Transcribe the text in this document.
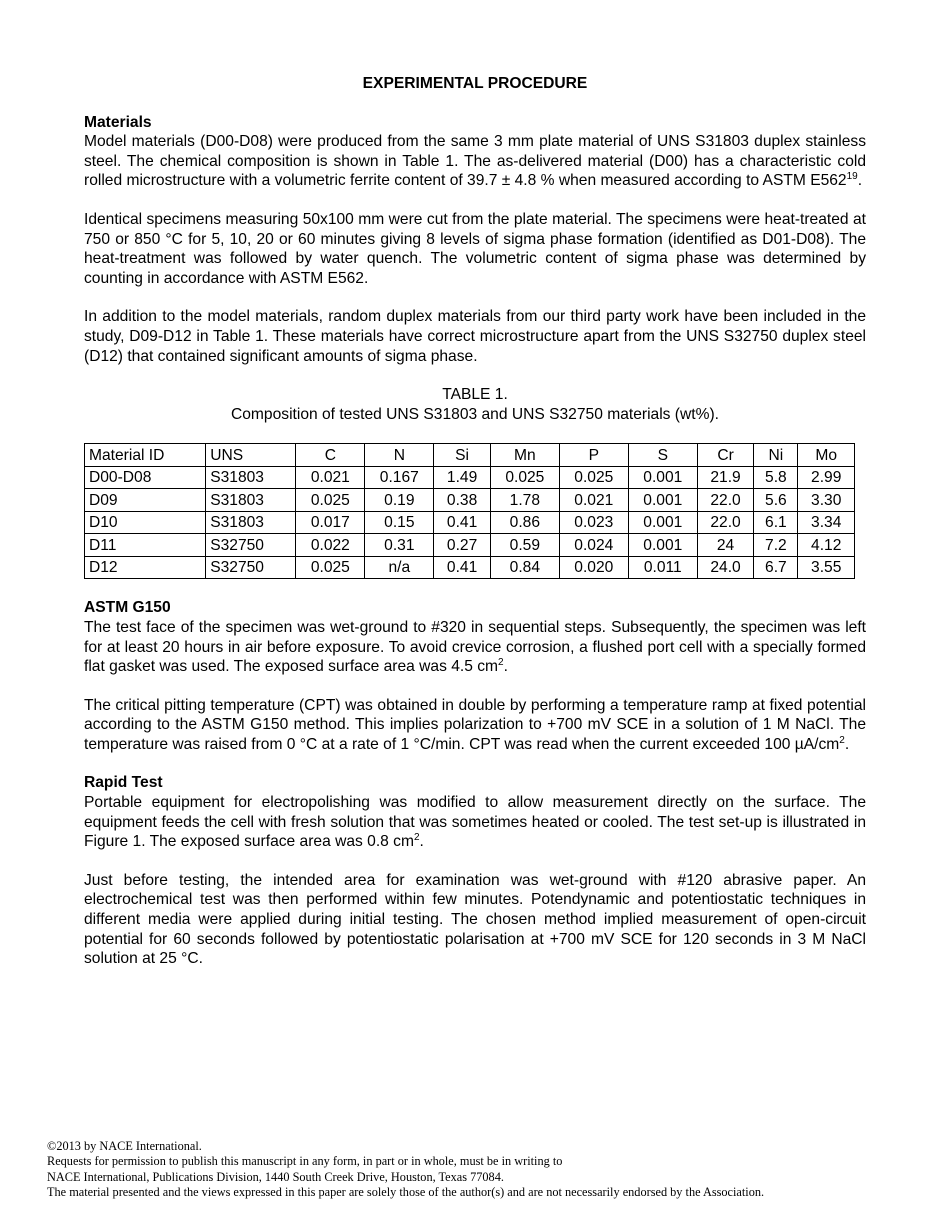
EXPERIMENTAL PROCEDURE
Materials

Model materials (D00-D08) were produced from the same 3 mm plate material of UNS S31803 duplex stainless steel. The chemical composition is shown in Table 1. The as-delivered material (D00) has a characteristic cold rolled microstructure with a volumetric ferrite content of 39.7 ± 4.8 % when measured according to ASTM $E562^{19}$.

Identical specimens measuring 50x100 mm were cut from the plate material. The specimens were heat-treated at 750 or 850 °C for 5, 10, 20 or 60 minutes giving 8 levels of sigma phase formation (identified as D01-D08). The heat-treatment was followed by water quench. The volumetric content of sigma phase was determined by counting in accordance with ASTM E562.

In addition to the model materials, random duplex materials from our third party work have been included in the study, D09-D12 in Table 1. These materials have correct microstructure apart from the UNS S32750 duplex steel (D12) that contained significant amounts of sigma phase.

TABLE 1.
Composition of tested UNS S31803 and UNS S32750 materials (wt%).
Material ID	UNS	C	N	Si	Mn	P	S	Cr	Ni	Mo
D00-D08	S31803	0.021	0.167	1.49	0.025	0.025	0.001	21.9	5.8	2.99
D09	S31803	0.025	0.19	0.38	1.78	0.021	0.001	22.0	5.6	3.30
D10	S31803	0.017	0.15	0.41	0.86	0.023	0.001	22.0	6.1	3.34
D11	S32750	0.022	0.31	0.27	0.59	0.024	0.001	24	7.2	4.12
D12	S32750	0.025	n/a	0.41	0.84	0.020	0.011	24.0	6.7	3.55
ASTM G150

The test face of the specimen was wet-ground to #320 in sequential steps. Subsequently, the specimen was left for at least 20 hours in air before exposure. To avoid crevice corrosion, a flushed port cell with a specially formed flat gasket was used. The exposed surface area was 4.5 $cm^2$.

The critical pitting temperature (CPT) was obtained in double by performing a temperature ramp at fixed potential according to the ASTM G150 method. This implies polarization to +700 mV SCE in a solution of 1 M NaCl. The temperature was raised from 0 °C at a rate of 1 °C/min. CPT was read when the current exceeded 100 $\mu A/cm^2$.

Rapid Test

Portable equipment for electropolishing was modified to allow measurement directly on the surface. The equipment feeds the cell with fresh solution that was sometimes heated or cooled. The test set-up is illustrated in Figure 1. The exposed surface area was 0.8 $cm^2$.

Just before testing, the intended area for examination was wet-ground with #120 abrasive paper. An electrochemical test was then performed within few minutes. Potendynamic and potentiostatic techniques in different media were applied during initial testing. The chosen method implied measurement of open-circuit potential for 60 seconds followed by potentiostatic polarisation at +700 mV SCE for 120 seconds in 3 M NaCl solution at 25 °C.

©2013 by NACE International.
Requests for permission to publish this manuscript in any form, in part or in whole, must be in writing to
NACE International, Publications Division, 1440 South Creek Drive, Houston, Texas 77084.
The material presented and the views expressed in this paper are solely those of the author(s) and are not necessarily endorsed by the Association.
